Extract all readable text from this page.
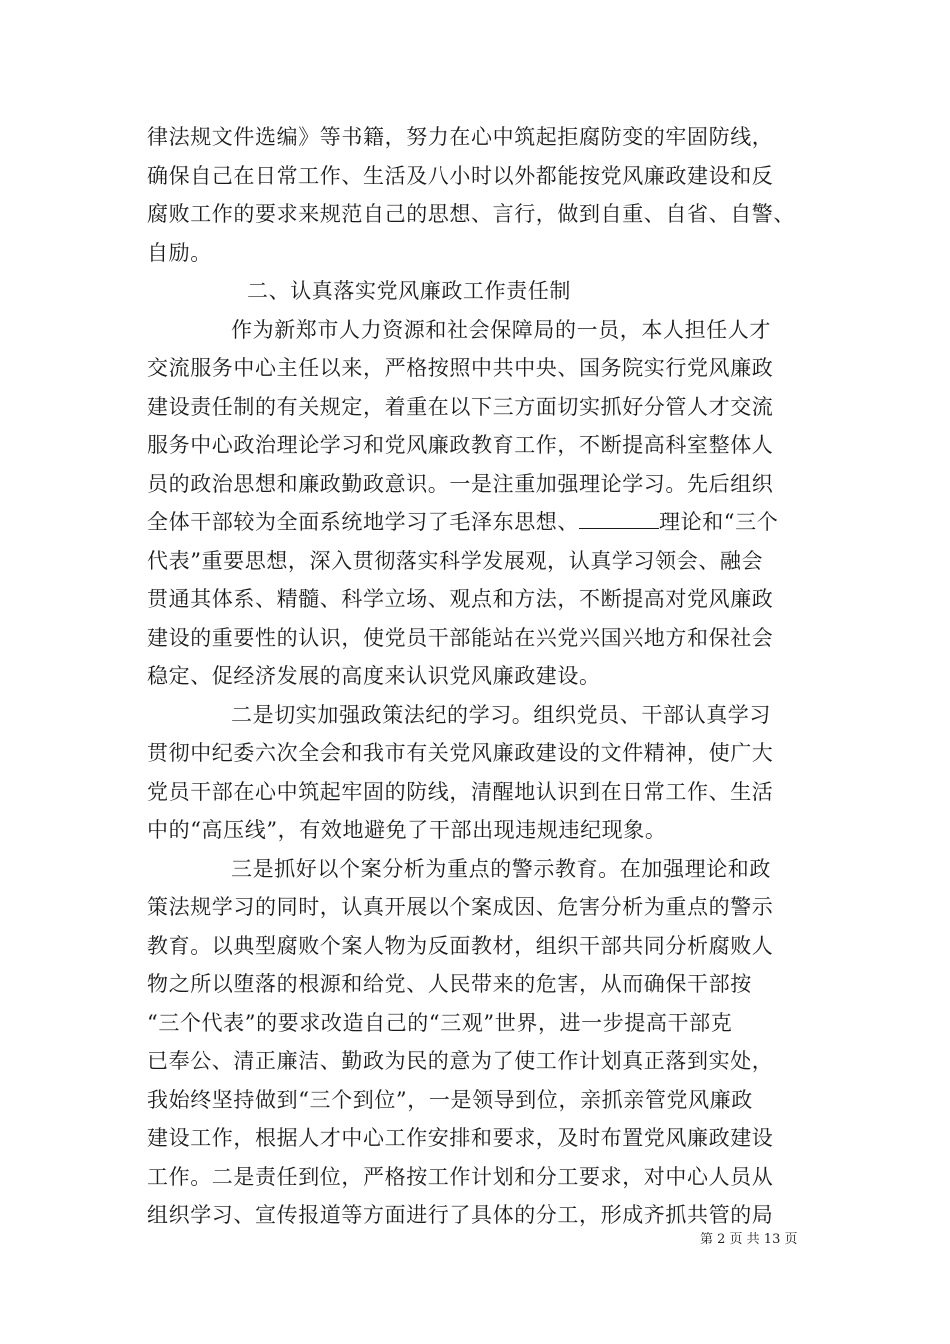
律法规文件选编》等书籍，努力在心中筑起拒腐防变的牢固防线，
确保自己在日常工作、生活及八小时以外都能按党风廉政建设和反
腐败工作的要求来规范自己的思想、言行，做到自重、自省、自警、
自励。
二、认真落实党风廉政工作责任制
作为新郑市人力资源和社会保障局的一员，本人担任人才
交流服务中心主任以来，严格按照中共中央、国务院实行党风廉政
建设责任制的有关规定，着重在以下三方面切实抓好分管人才交流
服务中心政治理论学习和党风廉政教育工作，不断提高科室整体人
员的政治思想和廉政勤政意识。一是注重加强理论学习。先后组织
全体干部较为全面系统地学习了毛泽东思想、	理论和“三个
代表”重要思想，深入贯彻落实科学发展观，认真学习领会、融会
贯通其体系、精髓、科学立场、观点和方法，不断提高对党风廉政
建设的重要性的认识，使党员干部能站在兴党兴国兴地方和保社会
稳定、促经济发展的高度来认识党风廉政建设。
二是切实加强政策法纪的学习。组织党员、干部认真学习
贯彻中纪委六次全会和我市有关党风廉政建设的文件精神，使广大
党员干部在心中筑起牢固的防线，清醒地认识到在日常工作、生活
中的“高压线”，有效地避免了干部出现违规违纪现象。
三是抓好以个案分析为重点的警示教育。在加强理论和政
策法规学习的同时，认真开展以个案成因、危害分析为重点的警示
教育。以典型腐败个案人物为反面教材，组织干部共同分析腐败人
物之所以堕落的根源和给党、人民带来的危害，从而确保干部按
“三个代表”的要求改造自己的“三观”世界，进一步提高干部克
已奉公、清正廉洁、勤政为民的意为了使工作计划真正落到实处，
我始终坚持做到“三个到位”，一是领导到位，亲抓亲管党风廉政
建设工作，根据人才中心工作安排和要求，及时布置党风廉政建设
工作。二是责任到位，严格按工作计划和分工要求，对中心人员从
组织学习、宣传报道等方面进行了具体的分工，形成齐抓共管的局
第 2 页 共 13 页
